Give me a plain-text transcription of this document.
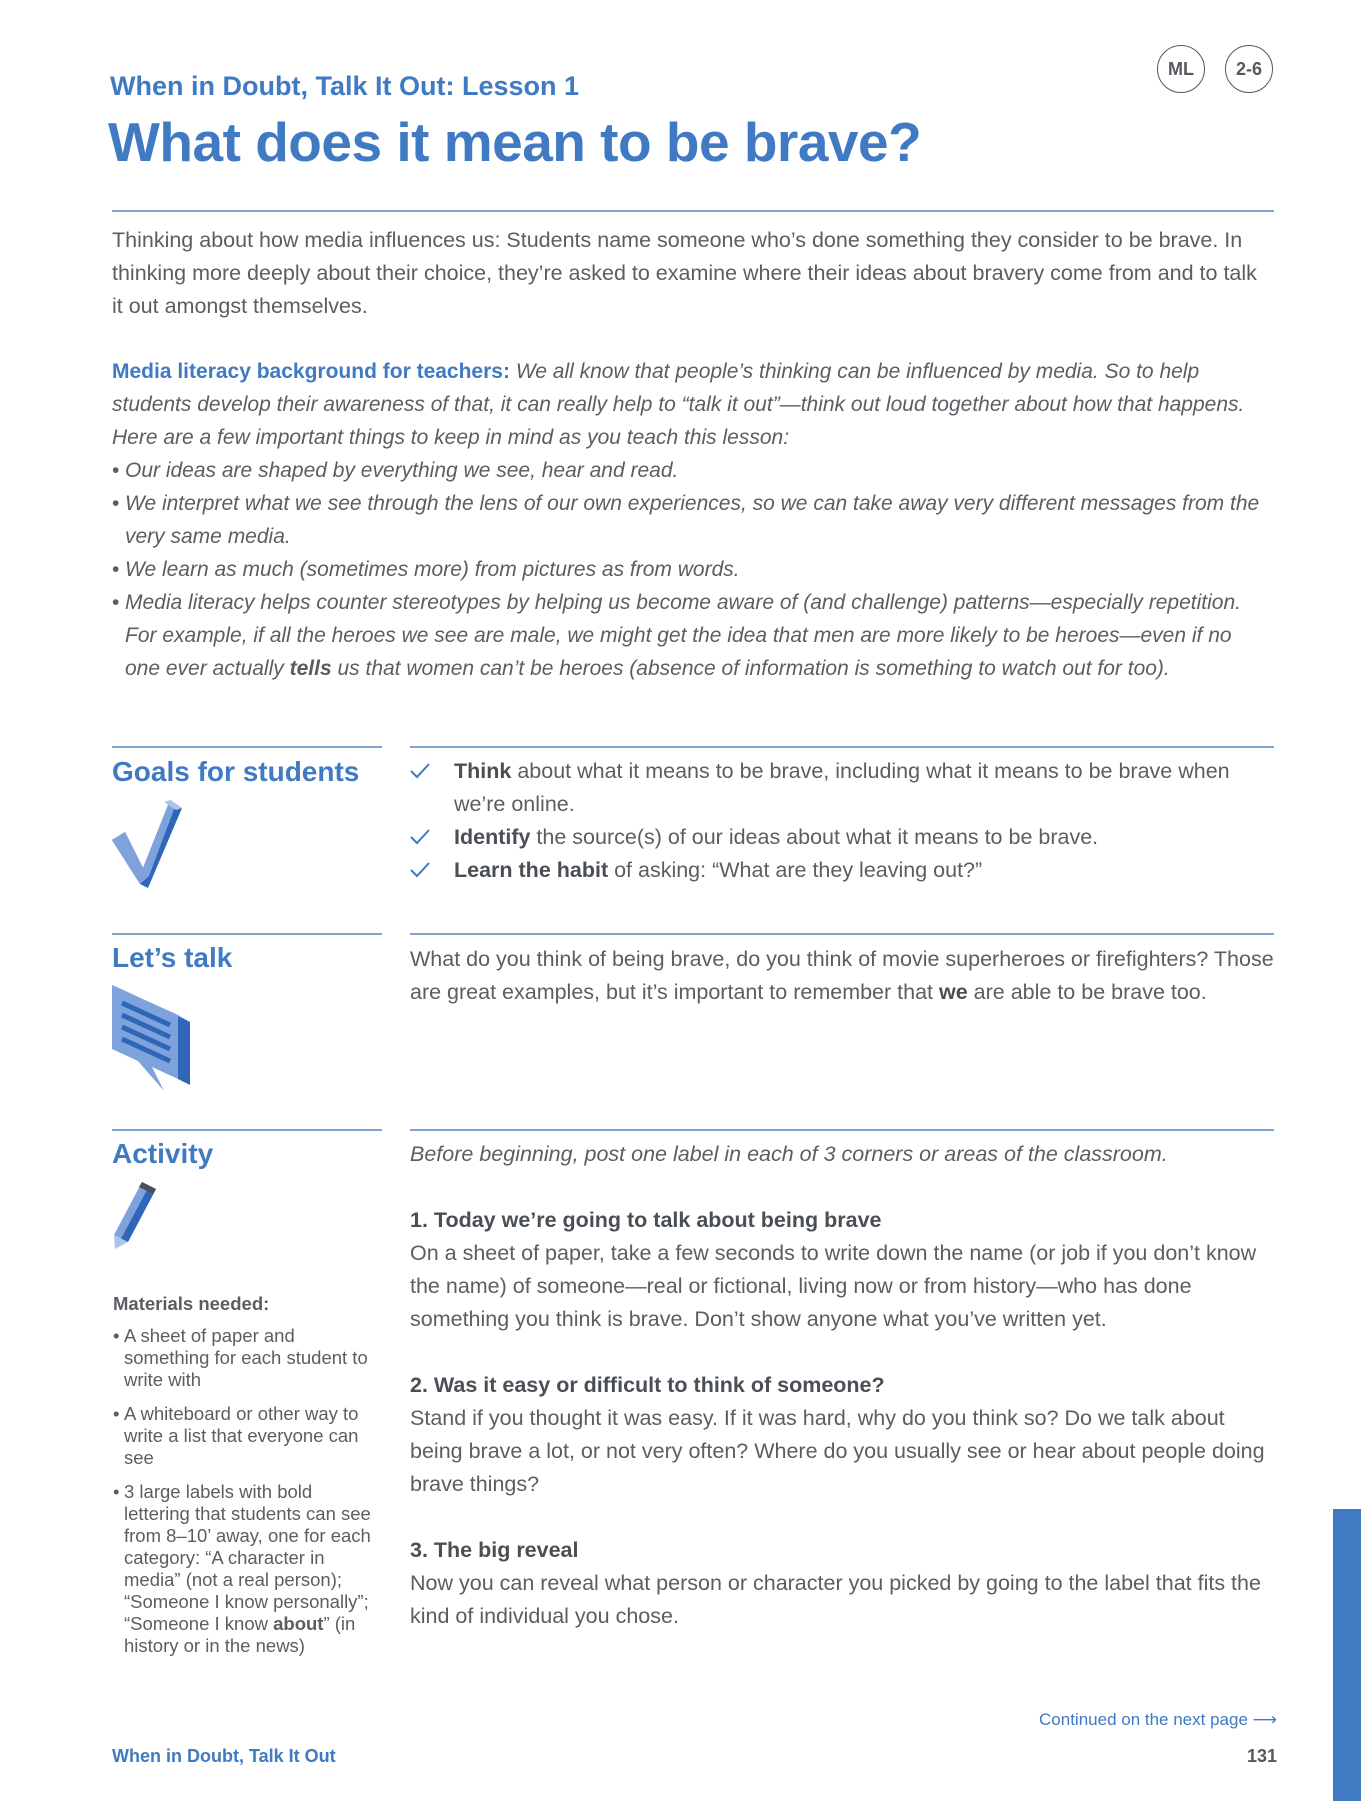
ML	2-6
When in Doubt, Talk It Out: Lesson 1
What does it mean to be brave?
Thinking about how media influences us: Students name someone who’s done something they consider to be brave. In thinking more deeply about their choice, they’re asked to examine where their ideas about bravery come from and to talk it out amongst themselves.
Media literacy background for teachers: We all know that people’s thinking can be influenced by media. So to help students develop their awareness of that, it can really help to “talk it out”—think out loud together about how that happens. Here are a few important things to keep in mind as you teach this lesson:
• Our ideas are shaped by everything we see, hear and read.
• We interpret what we see through the lens of our own experiences, so we can take away very different messages from the very same media.
• We learn as much (sometimes more) from pictures as from words.
• Media literacy helps counter stereotypes by helping us become aware of (and challenge) patterns—especially repetition. For example, if all the heroes we see are male, we might get the idea that men are more likely to be heroes—even if no one ever actually tells us that women can’t be heroes (absence of information is something to watch out for too).
Goals for students	Think about what it means to be brave, including what it means to be brave when we’re online.
Identify the source(s) of our ideas about what it means to be brave.
Learn the habit of asking: “What are they leaving out?”
Let’s talk	What do you think of being brave, do you think of movie superheroes or firefighters? Those are great examples, but it’s important to remember that we are able to be brave too.
Activity	Before beginning, post one label in each of 3 corners or areas of the classroom.

1. Today we’re going to talk about being brave

On a sheet of paper, take a few seconds to write down the name (or job if you don’t know the name) of someone—real or fictional, living now or from history—who has done something you think is brave. Don’t show anyone what you’ve written yet.

2. Was it easy or difficult to think of someone?

Stand if you thought it was easy. If it was hard, why do you think so? Do we talk about being brave a lot, or not very often? Where do you usually see or hear about people doing brave things?

3. The big reveal

Now you can reveal what person or character you picked by going to the label that fits the kind of individual you chose.

Materials needed:

• A sheet of paper and something for each student to write with
• A whiteboard or other way to write a list that everyone can see
• 3 large labels with bold lettering that students can see from 8–10’ away, one for each category: “A character in media” (not a real person); “Someone I know personally”; “Someone I know about” (in history or in the news)
Continued on the next page ⟶
When in Doubt, Talk It Out	131
